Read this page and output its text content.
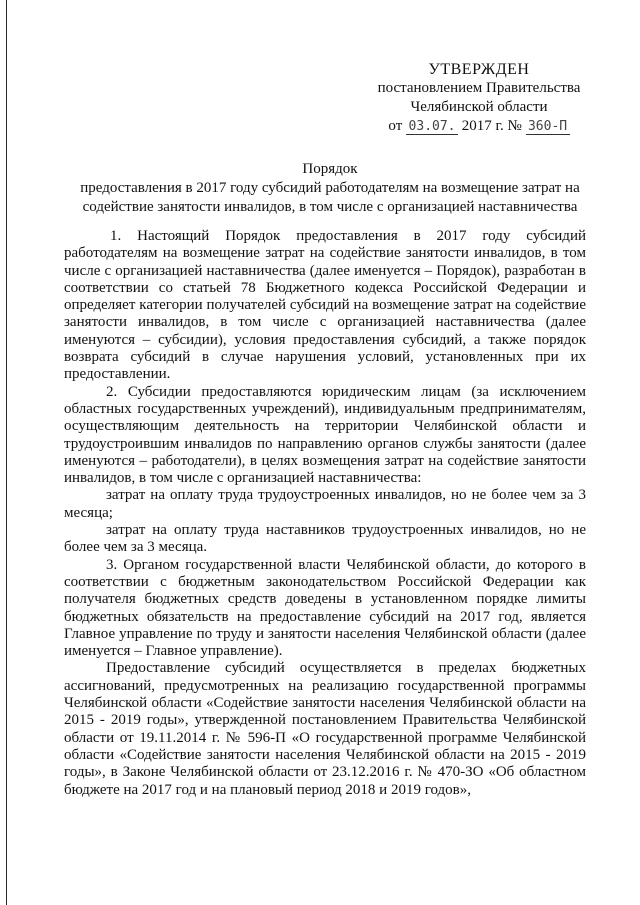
УТВЕРЖДЕН
постановлением Правительства
Челябинской области
от 03.07. 2017 г. № 360-П
Порядок
предоставления в 2017 году субсидий работодателям на возмещение затрат на
содействие занятости инвалидов, в том числе с организацией наставничества

1. Настоящий Порядок предоставления в 2017 году субсидий работодателям на возмещение затрат на содействие занятости инвалидов, в том числе с организацией наставничества (далее именуется – Порядок), разработан в соответствии со статьей 78 Бюджетного кодекса Российской Федерации и определяет категории получателей субсидий на возмещение затрат на содействие занятости инвалидов, в том числе с организацией наставничества (далее именуются – субсидии), условия предоставления субсидий, а также порядок возврата субсидий в случае нарушения условий, установленных при их предоставлении.

2. Субсидии предоставляются юридическим лицам (за исключением областных государственных учреждений), индивидуальным предпринимателям, осуществляющим деятельность на территории Челябинской области и трудоустроившим инвалидов по направлению органов службы занятости (далее именуются – работодатели), в целях возмещения затрат на содействие занятости инвалидов, в том числе с организацией наставничества:

затрат на оплату труда трудоустроенных инвалидов, но не более чем за 3 месяца;

затрат на оплату труда наставников трудоустроенных инвалидов, но не более чем за 3 месяца.

3. Органом государственной власти Челябинской области, до которого в соответствии с бюджетным законодательством Российской Федерации как получателя бюджетных средств доведены в установленном порядке лимиты бюджетных обязательств на предоставление субсидий на 2017 год, является Главное управление по труду и занятости населения Челябинской области (далее именуется – Главное управление).

Предоставление субсидий осуществляется в пределах бюджетных ассигнований, предусмотренных на реализацию государственной программы Челябинской области «Содействие занятости населения Челябинской области на 2015 - 2019 годы», утвержденной постановлением Правительства Челябинской области от 19.11.2014 г. № 596-П «О государственной программе Челябинской области «Содействие занятости населения Челябинской области на 2015 - 2019 годы», в Законе Челябинской области от 23.12.2016 г. № 470-ЗО «Об областном бюджете на 2017 год и на плановый период 2018 и 2019 годов»,
